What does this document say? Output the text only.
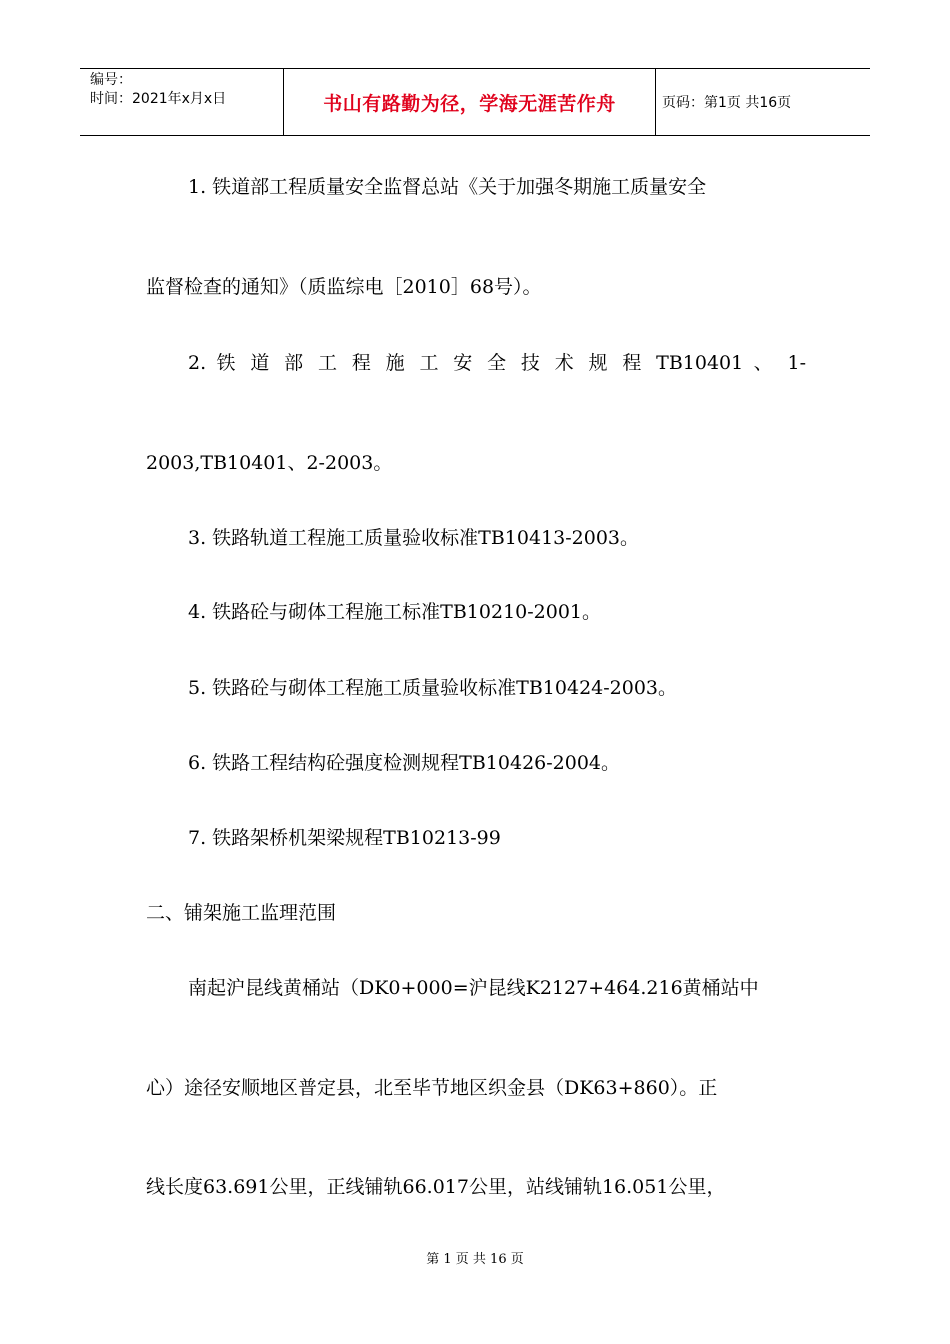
编号：
时间：2021年x月x日	书山有路勤为径，学海无涯苦作舟	页码：第1页 共16页
1. 铁道部工程质量安全监督总站《关于加强冬期施工质量安全
监督检查的通知》（质监综电［2010］68号）。
2. 铁 道 部 工 程 施 工 安 全 技 术 规 程 TB10401 、 1-
2003,TB10401、2-2003。
3. 铁路轨道工程施工质量验收标准TB10413-2003。
4. 铁路砼与砌体工程施工标准TB10210-2001。
5. 铁路砼与砌体工程施工质量验收标准TB10424-2003。
6. 铁路工程结构砼强度检测规程TB10426-2004。
7. 铁路架桥机架梁规程TB10213-99
二、铺架施工监理范围
南起沪昆线黄桶站（DK0+000=沪昆线K2127+464.216黄桶站中
心）途径安顺地区普定县，北至毕节地区织金县（DK63+860）。正
线长度63.691公里，正线铺轨66.017公里，站线铺轨16.051公里，
第 1 页 共 16 页
